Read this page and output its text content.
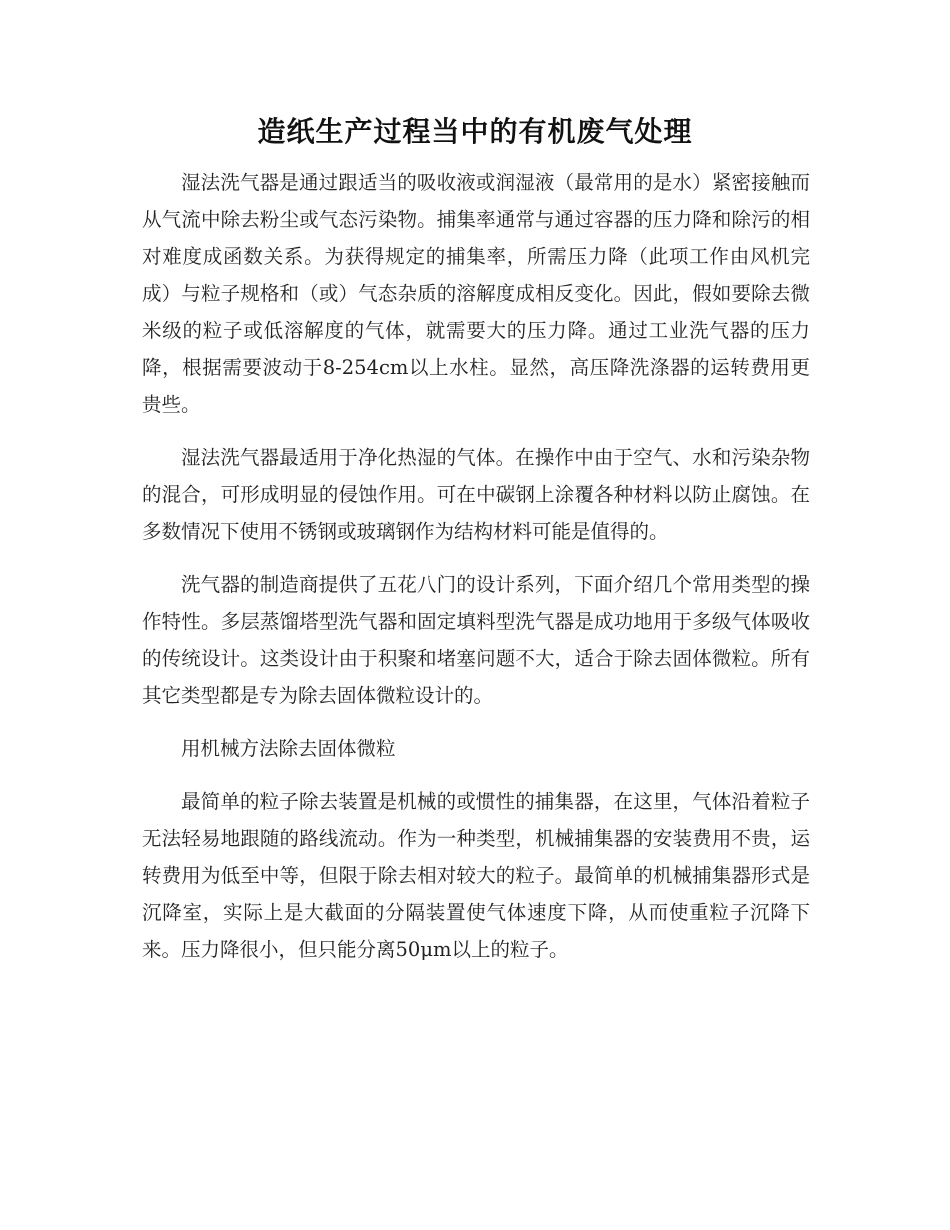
造纸生产过程当中的有机废气处理

湿法洗气器是通过跟适当的吸收液或润湿液（最常用的是水）紧密接触而从气流中除去粉尘或气态污染物。捕集率通常与通过容器的压力降和除污的相对难度成函数关系。为获得规定的捕集率，所需压力降（此项工作由风机完成）与粒子规格和（或）气态杂质的溶解度成相反变化。因此，假如要除去微米级的粒子或低溶解度的气体，就需要大的压力降。通过工业洗气器的压力降，根据需要波动于8-254cm以上水柱。显然，高压降洗涤器的运转费用更贵些。

湿法洗气器最适用于净化热湿的气体。在操作中由于空气、水和污染杂物的混合，可形成明显的侵蚀作用。可在中碳钢上涂覆各种材料以防止腐蚀。在多数情况下使用不锈钢或玻璃钢作为结构材料可能是值得的。

洗气器的制造商提供了五花八门的设计系列，下面介绍几个常用类型的操作特性。多层蒸馏塔型洗气器和固定填料型洗气器是成功地用于多级气体吸收的传统设计。这类设计由于积聚和堵塞问题不大，适合于除去固体微粒。所有其它类型都是专为除去固体微粒设计的。

用机械方法除去固体微粒

最简单的粒子除去装置是机械的或惯性的捕集器，在这里，气体沿着粒子无法轻易地跟随的路线流动。作为一种类型，机械捕集器的安装费用不贵，运转费用为低至中等，但限于除去相对较大的粒子。最简单的机械捕集器形式是沉降室，实际上是大截面的分隔装置使气体速度下降，从而使重粒子沉降下来。压力降很小，但只能分离50μm以上的粒子。
